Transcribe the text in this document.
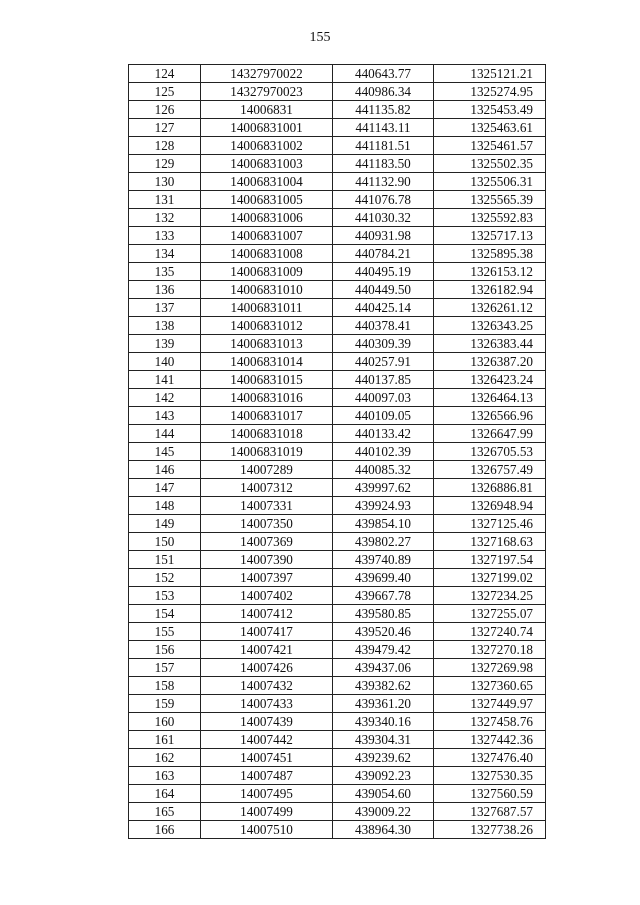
155
124	14327970022	440643.77	1325121.21
125	14327970023	440986.34	1325274.95
126	14006831	441135.82	1325453.49
127	14006831001	441143.11	1325463.61
128	14006831002	441181.51	1325461.57
129	14006831003	441183.50	1325502.35
130	14006831004	441132.90	1325506.31
131	14006831005	441076.78	1325565.39
132	14006831006	441030.32	1325592.83
133	14006831007	440931.98	1325717.13
134	14006831008	440784.21	1325895.38
135	14006831009	440495.19	1326153.12
136	14006831010	440449.50	1326182.94
137	14006831011	440425.14	1326261.12
138	14006831012	440378.41	1326343.25
139	14006831013	440309.39	1326383.44
140	14006831014	440257.91	1326387.20
141	14006831015	440137.85	1326423.24
142	14006831016	440097.03	1326464.13
143	14006831017	440109.05	1326566.96
144	14006831018	440133.42	1326647.99
145	14006831019	440102.39	1326705.53
146	14007289	440085.32	1326757.49
147	14007312	439997.62	1326886.81
148	14007331	439924.93	1326948.94
149	14007350	439854.10	1327125.46
150	14007369	439802.27	1327168.63
151	14007390	439740.89	1327197.54
152	14007397	439699.40	1327199.02
153	14007402	439667.78	1327234.25
154	14007412	439580.85	1327255.07
155	14007417	439520.46	1327240.74
156	14007421	439479.42	1327270.18
157	14007426	439437.06	1327269.98
158	14007432	439382.62	1327360.65
159	14007433	439361.20	1327449.97
160	14007439	439340.16	1327458.76
161	14007442	439304.31	1327442.36
162	14007451	439239.62	1327476.40
163	14007487	439092.23	1327530.35
164	14007495	439054.60	1327560.59
165	14007499	439009.22	1327687.57
166	14007510	438964.30	1327738.26
